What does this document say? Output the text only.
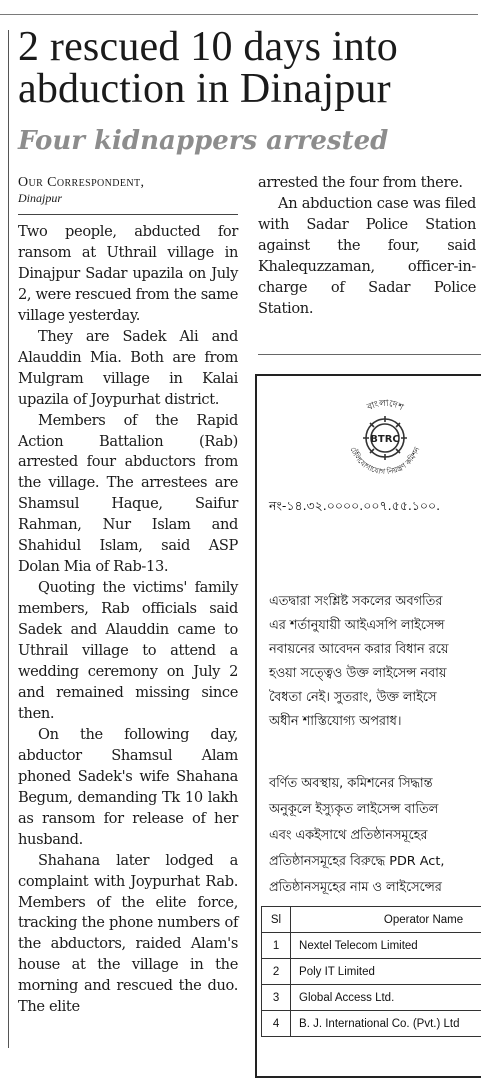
2 rescued 10 days into abduction in Dinajpur
Four kidnappers arrested
Our Correspondent,
Dinajpur

Two people, abducted for ransom at Uthrail village in Dinajpur Sadar upazila on July 2, were rescued from the same village yesterday.

They are Sadek Ali and Alauddin Mia. Both are from Mulgram village in Kalai upazila of Joypurhat district.

Members of the Rapid Action Battalion (Rab) arrested four abductors from the village. The arrestees are Shamsul Haque, Saifur Rahman, Nur Islam and Shahidul Islam, said ASP Dolan Mia of Rab-13.

Quoting the victims' family members, Rab officials said Sadek and Alauddin came to Uthrail village to attend a wedding ceremony on July 2 and remained missing since then.

On the following day, abductor Shamsul Alam phoned Sadek's wife Shahana Begum, demanding Tk 10 lakh as ransom for release of her husband.

Shahana later lodged a complaint with Joypurhat Rab. Members of the elite force, tracking the phone numbers of the abductors, raided Alam's house at the village in the morning and rescued the duo. The elite

arrested the four from there.

An abduction case was filed with Sadar Police Station against the four, said Khalequzzaman, officer-in-charge of Sadar Police Station.

বাংলাদেশ
টেলিযোগাযোগ নিয়ন্ত্রণ কমিশন
BTRC
নং-১৪.৩২.০০০০.০০৭.৫৫.১০০.
এতদ্বারা সংশ্লিষ্ট সকলের অবগতির
এর শর্তানুযায়ী আইএসপি লাইসেন্স
নবায়নের আবেদন করার বিধান রয়ে
হওয়া সত্ত্বেও উক্ত লাইসেন্স নবায়
বৈধতা নেই। সুতরাং, উক্ত লাইসে
অধীন শাস্তিযোগ্য অপরাধ।
বর্ণিত অবস্থায়, কমিশনের সিদ্ধান্ত
অনুকূলে ইস্যুকৃত লাইসেন্স বাতিল
এবং একইসাথে প্রতিষ্ঠানসমূহের
প্রতিষ্ঠানসমূহের বিরুদ্ধে PDR Act,
প্রতিষ্ঠানসমূহের নাম ও লাইসেন্সের
Sl	Operator Name
1	Nextel Telecom Limited
2	Poly IT Limited
3	Global Access Ltd.
4	B. J. International Co. (Pvt.) Ltd
